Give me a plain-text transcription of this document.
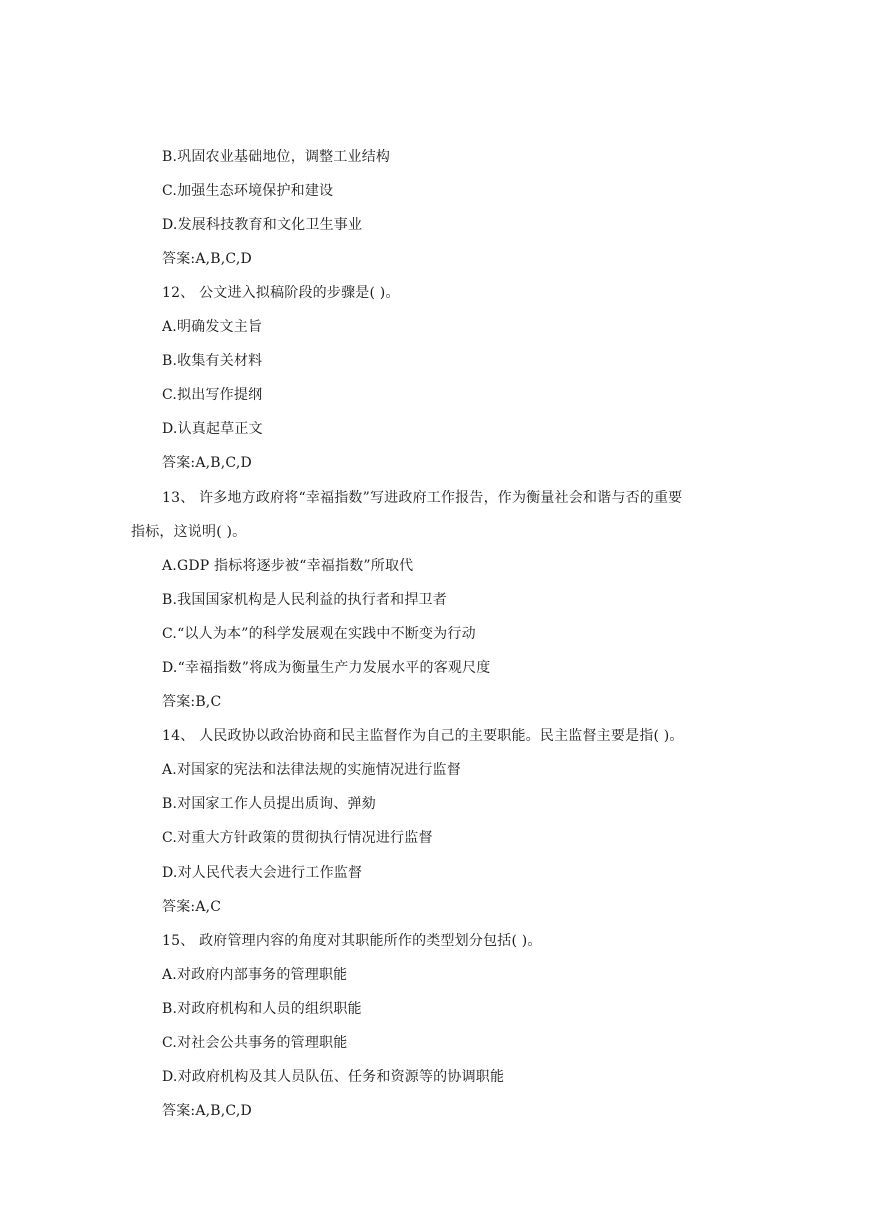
B.巩固农业基础地位，调整工业结构
C.加强生态环境保护和建设
D.发展科技教育和文化卫生事业
答案:A,B,C,D
12、 公文进入拟稿阶段的步骤是( )。
A.明确发文主旨
B.收集有关材料
C.拟出写作提纲
D.认真起草正文
答案:A,B,C,D
13、 许多地方政府将“幸福指数”写进政府工作报告，作为衡量社会和谐与否的重要
指标，这说明( )。
A.GDP 指标将逐步被“幸福指数”所取代
B.我国国家机构是人民利益的执行者和捍卫者
C.“以人为本”的科学发展观在实践中不断变为行动
D.“幸福指数”将成为衡量生产力发展水平的客观尺度
答案:B,C
14、 人民政协以政治协商和民主监督作为自己的主要职能。民主监督主要是指( )。
A.对国家的宪法和法律法规的实施情况进行监督
B.对国家工作人员提出质询、弹劾
C.对重大方针政策的贯彻执行情况进行监督
D.对人民代表大会进行工作监督
答案:A,C
15、 政府管理内容的角度对其职能所作的类型划分包括( )。
A.对政府内部事务的管理职能
B.对政府机构和人员的组织职能
C.对社会公共事务的管理职能
D.对政府机构及其人员队伍、任务和资源等的协调职能
答案:A,B,C,D
